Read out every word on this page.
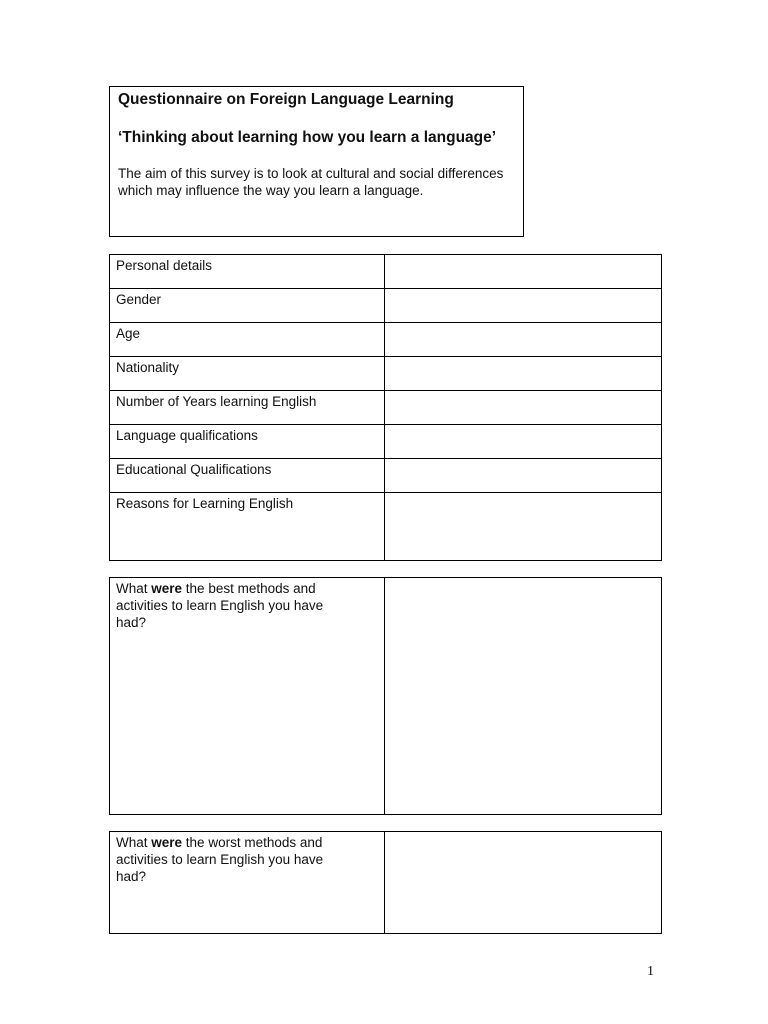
Questionnaire on Foreign Language Learning

‘Thinking about learning how you learn a language’

The aim of this survey is to look at cultural and social differences which may influence the way you learn a language.

Personal details	
Gender	
Age	
Nationality	
Number of Years learning English	
Language qualifications	
Educational Qualifications	
Reasons for Learning English	
What were the best methods and
activities to learn English you have
had?	
What were the worst methods and
activities to learn English you have
had?	
1
